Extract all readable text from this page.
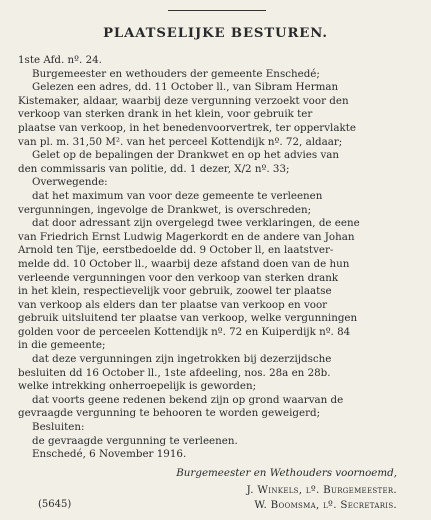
PLAATSELIJKE BESTUREN.
1ste Afd. nº. 24.
Burgemeester en wethouders der gemeente Enschedé;
Gelezen een adres, dd. 11 October ll., van Sibram Herman
Kistemaker, aldaar, waarbij deze vergunning verzoekt voor den
verkoop van sterken drank in het klein, voor gebruik ter
plaatse van verkoop, in het benedenvoorvertrek, ter oppervlakte
van pl. m. 31,50 M². van het perceel Kottendijk nº. 72, aldaar;
Gelet op de bepalingen der Drankwet en op het advies van
den commissaris van politie, dd. 1 dezer, X/2 nº. 33;
Overwegende:
dat het maximum van voor deze gemeente te verleenen
vergunningen, ingevolge de Drankwet, is overschreden;
dat door adressant zijn overgelegd twee verklaringen, de eene
van Friedrich Ernst Ludwig Magerkordt en de andere van Johan
Arnold ten Tije, eerstbedoelde dd. 9 October ll, en laatstver-
melde dd. 10 October ll., waarbij deze afstand doen van de hun
verleende vergunningen voor den verkoop van sterken drank
in het klein, respectievelijk voor gebruik, zoowel ter plaatse
van verkoop als elders dan ter plaatse van verkoop en voor
gebruik uitsluitend ter plaatse van verkoop, welke vergunningen
golden voor de perceelen Kottendijk nº. 72 en Kuiperdijk nº. 84
in die gemeente;
dat deze vergunningen zijn ingetrokken bij dezerzijdsche
besluiten dd 16 October ll., 1ste afdeeling, nos. 28a en 28b.
welke intrekking onherroepelijk is geworden;
dat voorts geene redenen bekend zijn op grond waarvan de
gevraagde vergunning te behooren te worden geweigerd;
Besluiten:
de gevraagde vergunning te verleenen.
Enschedé, 6 November 1916.
Burgemeester en Wethouders voornoemd,
J. Winkels, lº. Burgemeester.
(5645)	W. Boomsma, lº. Secretaris.
